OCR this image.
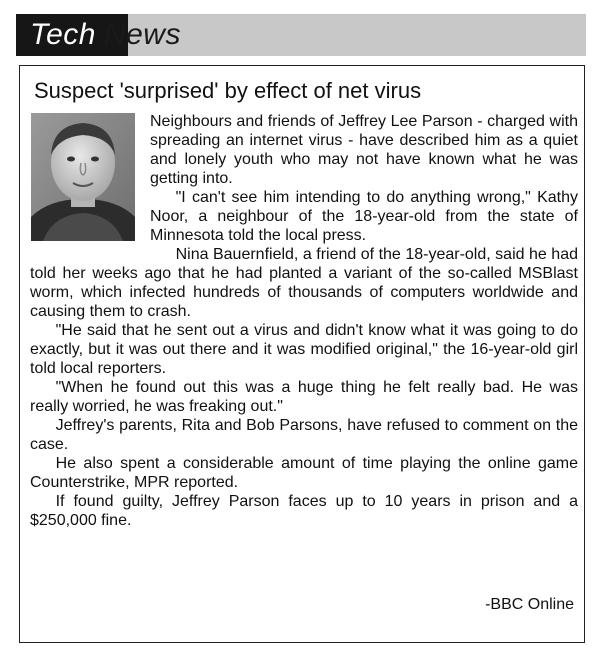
Tech News
Suspect 'surprised' by effect of net virus

Neighbours and friends of Jeffrey Lee Parson - charged with spreading an internet virus - have described him as a quiet and lonely youth who may not have known what he was getting into.

"I can't see him intending to do anything wrong," Kathy Noor, a neighbour of the 18-year-old from the state of Minnesota told the local press.

Nina Bauernfield, a friend of the 18-year-old, said he had told her weeks ago that he had planted a variant of the so-called MSBlast worm, which infected hundreds of thousands of computers worldwide and causing them to crash.

"He said that he sent out a virus and didn't know what it was going to do exactly, but it was out there and it was modified original," the 16-year-old girl told local reporters.

"When he found out this was a huge thing he felt really bad. He was really worried, he was freaking out."

Jeffrey's parents, Rita and Bob Parsons, have refused to comment on the case.

He also spent a considerable amount of time playing the online game Counterstrike, MPR reported.

If found guilty, Jeffrey Parson faces up to 10 years in prison and a $250,000 fine.

-BBC Online
